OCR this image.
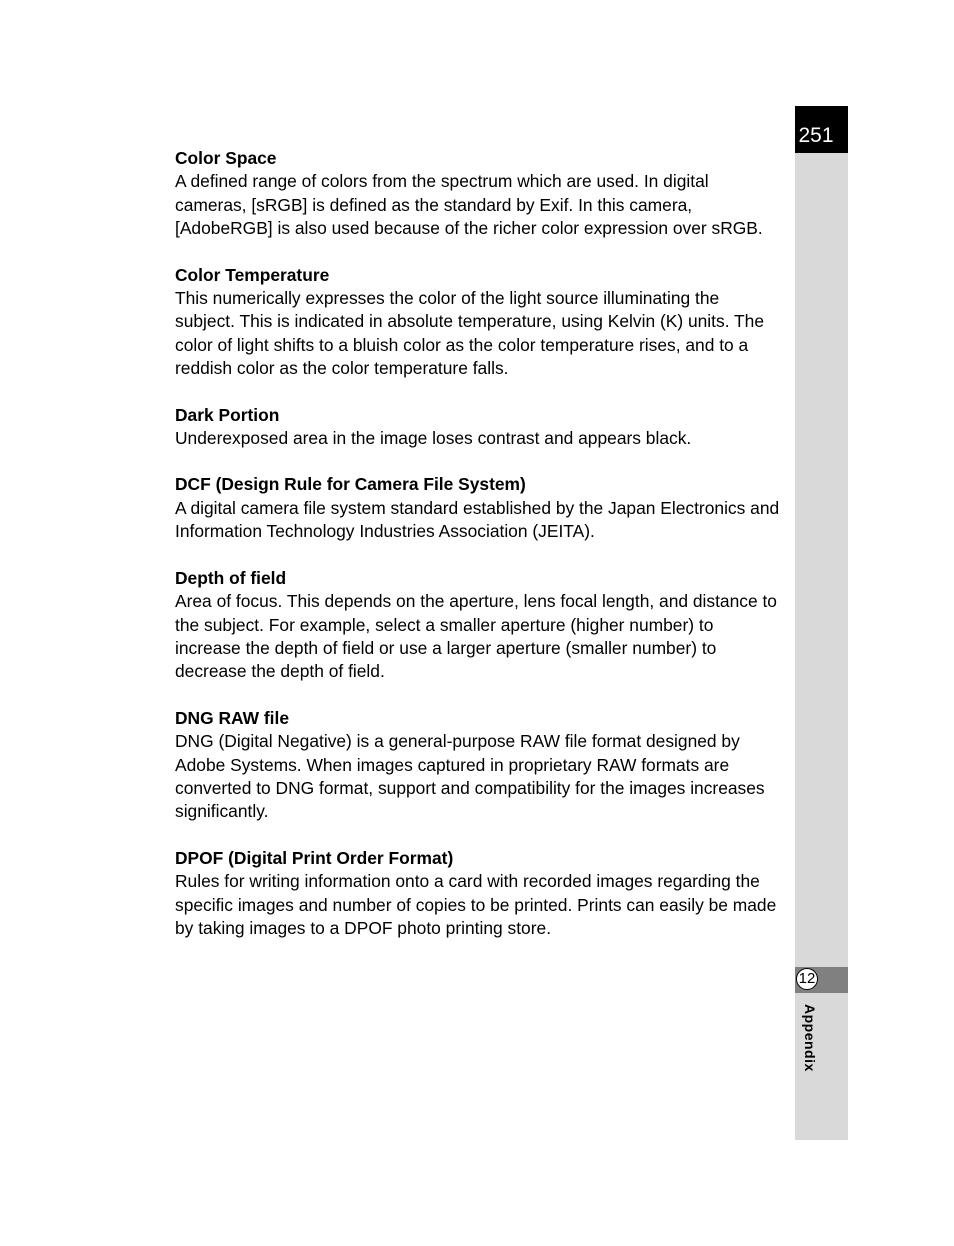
251
12
Appendix

Color Space

A defined range of colors from the spectrum which are used. In digital cameras, [sRGB] is defined as the standard by Exif. In this camera, [AdobeRGB] is also used because of the richer color expression over sRGB.

Color Temperature

This numerically expresses the color of the light source illuminating the subject. This is indicated in absolute temperature, using Kelvin (K) units. The color of light shifts to a bluish color as the color temperature rises, and to a reddish color as the color temperature falls.

Dark Portion

Underexposed area in the image loses contrast and appears black.

DCF (Design Rule for Camera File System)

A digital camera file system standard established by the Japan Electronics and Information Technology Industries Association (JEITA).

Depth of field

Area of focus. This depends on the aperture, lens focal length, and distance to the subject. For example, select a smaller aperture (higher number) to increase the depth of field or use a larger aperture (smaller number) to decrease the depth of field.

DNG RAW file

DNG (Digital Negative) is a general-purpose RAW file format designed by Adobe Systems. When images captured in proprietary RAW formats are converted to DNG format, support and compatibility for the images increases significantly.

DPOF (Digital Print Order Format)

Rules for writing information onto a card with recorded images regarding the specific images and number of copies to be printed. Prints can easily be made by taking images to a DPOF photo printing store.
